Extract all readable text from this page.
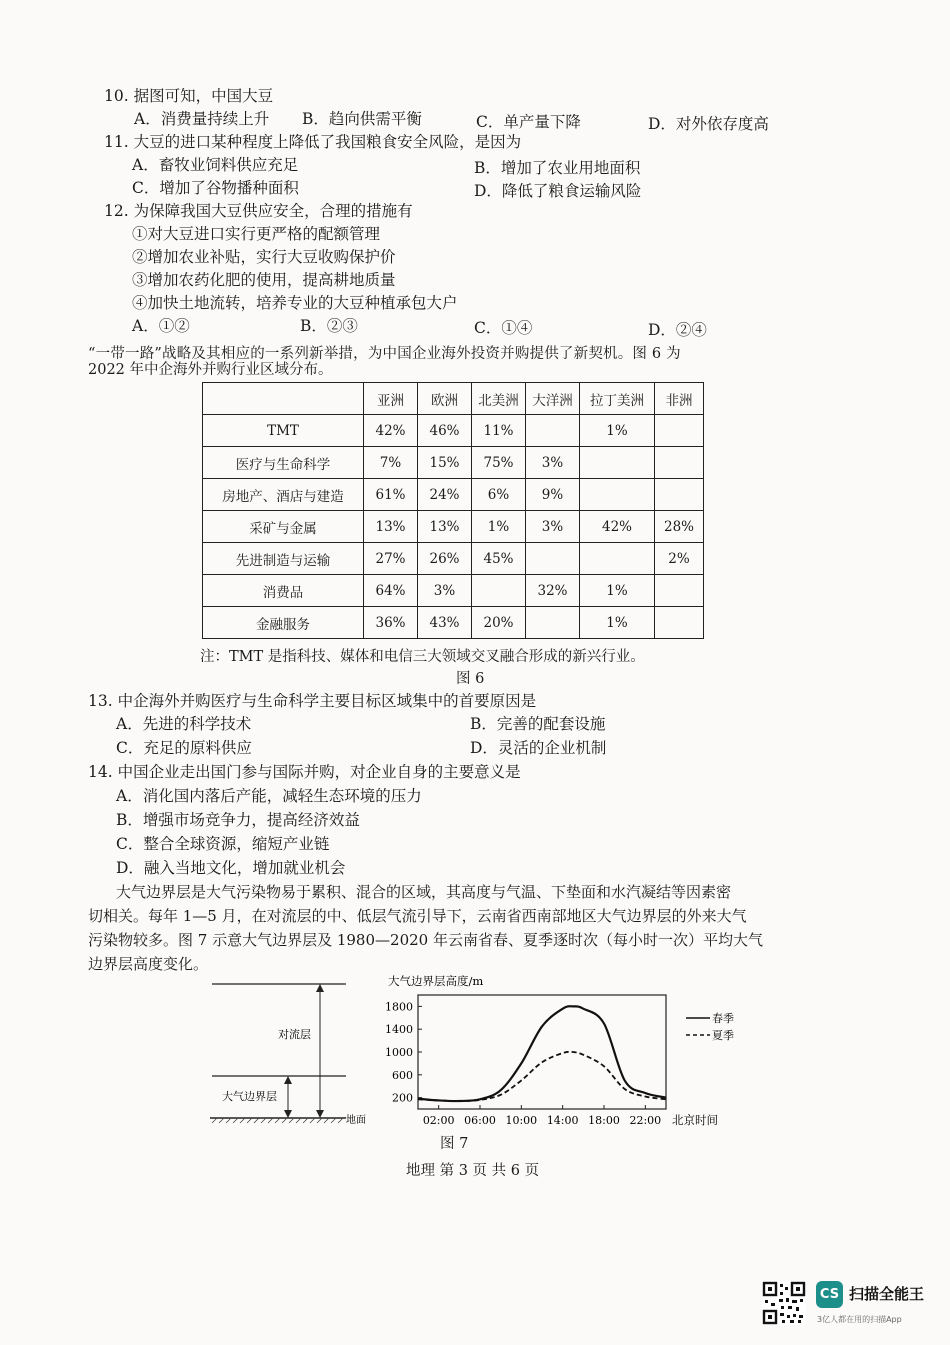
10. 据图可知，中国大豆
A．消费量持续上升 B．趋向供需平衡	C．单产量下降	D．对外依存度高
11. 大豆的进口某种程度上降低了我国粮食安全风险，是因为
A．畜牧业饲料供应充足	B．增加了农业用地面积
C．增加了谷物播种面积	D．降低了粮食运输风险
12. 为保障我国大豆供应安全，合理的措施有
①对大豆进口实行更严格的配额管理
②增加农业补贴，实行大豆收购保护价
③增加农药化肥的使用，提高耕地质量
④加快土地流转，培养专业的大豆种植承包大户
A．①②	B．②③	C．①④	D．②④
“一带一路”战略及其相应的一系列新举措，为中国企业海外投资并购提供了新契机。图 6 为
2022 年中企海外并购行业区域分布。
	亚洲	欧洲	北美洲	大洋洲	拉丁美洲	非洲
TMT	42%	46%	11%		1%	
医疗与生命科学	7%	15%	75%	3%		
房地产、酒店与建造	61%	24%	6%	9%		
采矿与金属	13%	13%	1%	3%	42%	28%
先进制造与运输	27%	26%	45%			2%
消费品	64%	3%		32%	1%	
金融服务	36%	43%	20%		1%	
注：TMT 是指科技、媒体和电信三大领域交叉融合形成的新兴行业。
图 6
13. 中企海外并购医疗与生命科学主要目标区域集中的首要原因是
A．先进的科学技术	B．完善的配套设施
C．充足的原料供应	D．灵活的企业机制
14. 中国企业走出国门参与国际并购，对企业自身的主要意义是
A．消化国内落后产能，减轻生态环境的压力
B．增强市场竞争力，提高经济效益
C．整合全球资源，缩短产业链
D．融入当地文化，增加就业机会
大气边界层是大气污染物易于累积、混合的区域，其高度与气温、下垫面和水汽凝结等因素密
切相关。每年 1—5 月，在对流层的中、低层气流引导下，云南省西南部地区大气边界层的外来大气
污染物较多。图 7 示意大气边界层及 1980—2020 年云南省春、夏季逐时次（每小时一次）平均大气
边界层高度变化。
对流层
大气边界层
地面
大气边界层高度/m
北京时间
200
600
1000
1400
1800
02:00 06:00 10:00 14:00 18:00 22:00
春季
夏季
图 7
地理 第 3 页 共 6 页
CS 扫描全能王
3亿人都在用的扫描App
